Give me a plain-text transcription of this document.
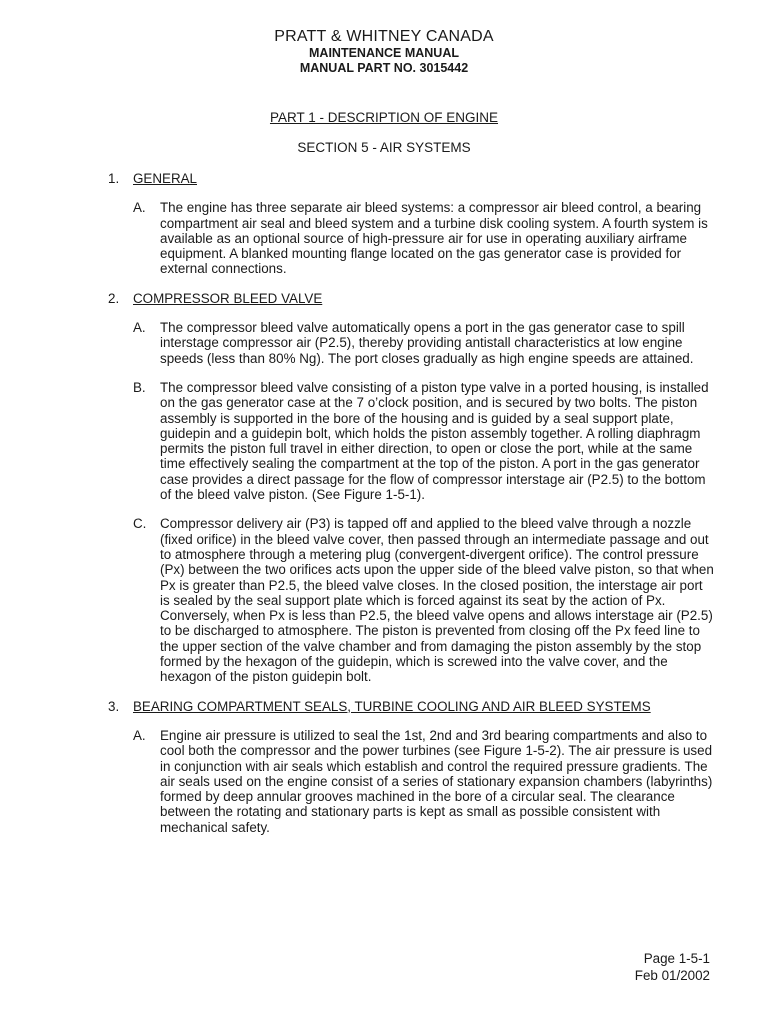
PRATT & WHITNEY CANADA
MAINTENANCE MANUAL
MANUAL PART NO. 3015442
PART 1 - DESCRIPTION OF ENGINE
SECTION 5 - AIR SYSTEMS
1.	GENERAL
A.	The engine has three separate air bleed systems: a compressor air bleed control, a bearing compartment air seal and bleed system and a turbine disk cooling system. A fourth system is available as an optional source of high-pressure air for use in operating auxiliary airframe equipment. A blanked mounting flange located on the gas generator case is provided for external connections.
2.	COMPRESSOR BLEED VALVE
A.	The compressor bleed valve automatically opens a port in the gas generator case to spill interstage compressor air (P2.5), thereby providing antistall characteristics at low engine speeds (less than 80% Ng). The port closes gradually as high engine speeds are attained.
B.	The compressor bleed valve consisting of a piston type valve in a ported housing, is installed on the gas generator case at the 7 o’clock position, and is secured by two bolts. The piston assembly is supported in the bore of the housing and is guided by a seal support plate, guidepin and a guidepin bolt, which holds the piston assembly together. A rolling diaphragm permits the piston full travel in either direction, to open or close the port, while at the same time effectively sealing the compartment at the top of the piston. A port in the gas generator case provides a direct passage for the flow of compressor interstage air (P2.5) to the bottom of the bleed valve piston. (See Figure 1-5-1).
C.	Compressor delivery air (P3) is tapped off and applied to the bleed valve through a nozzle (fixed orifice) in the bleed valve cover, then passed through an intermediate passage and out to atmosphere through a metering plug (convergent-divergent orifice). The control pressure (Px) between the two orifices acts upon the upper side of the bleed valve piston, so that when Px is greater than P2.5, the bleed valve closes. In the closed position, the interstage air port is sealed by the seal support plate which is forced against its seat by the action of Px. Conversely, when Px is less than P2.5, the bleed valve opens and allows interstage air (P2.5) to be discharged to atmosphere. The piston is prevented from closing off the Px feed line to the upper section of the valve chamber and from damaging the piston assembly by the stop formed by the hexagon of the guidepin, which is screwed into the valve cover, and the hexagon of the piston guidepin bolt.
3.	BEARING COMPARTMENT SEALS, TURBINE COOLING AND AIR BLEED SYSTEMS
A.	Engine air pressure is utilized to seal the 1st, 2nd and 3rd bearing compartments and also to cool both the compressor and the power turbines (see Figure 1-5-2). The air pressure is used in conjunction with air seals which establish and control the required pressure gradients. The air seals used on the engine consist of a series of stationary expansion chambers (labyrinths) formed by deep annular grooves machined in the bore of a circular seal. The clearance between the rotating and stationary parts is kept as small as possible consistent with mechanical safety.
Page 1-5-1
Feb 01/2002
